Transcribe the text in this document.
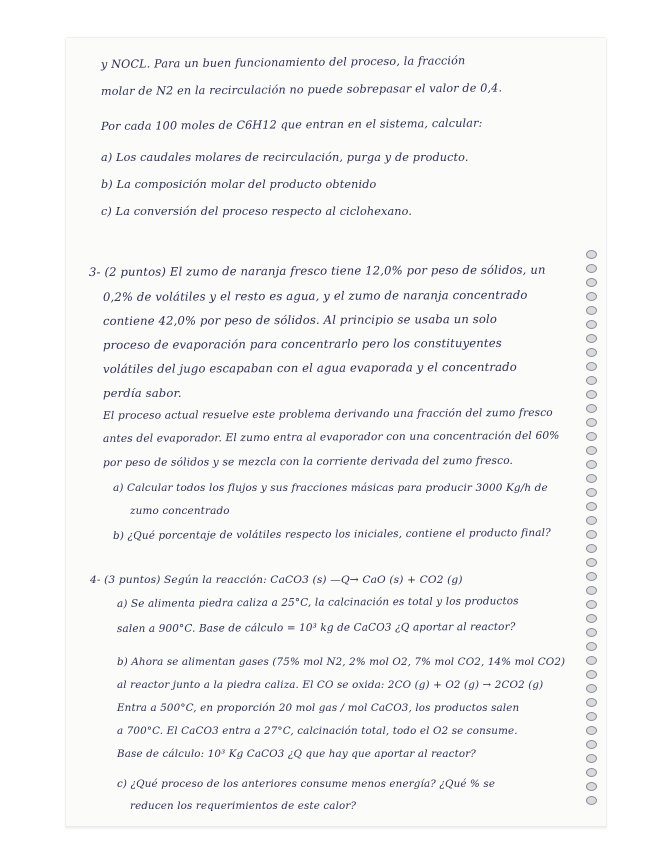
y NOCL. Para un buen funcionamiento del proceso, la fracción
molar de N2 en la recirculación no puede sobrepasar el valor de 0,4.
Por cada 100 moles de C6H12 que entran en el sistema, calcular:
a) Los caudales molares de recirculación, purga y de producto.
b) La composición molar del producto obtenido
c) La conversión del proceso respecto al ciclohexano.
3- (2 puntos) El zumo de naranja fresco tiene 12,0% por peso de sólidos, un
0,2% de volátiles y el resto es agua, y el zumo de naranja concentrado
contiene 42,0% por peso de sólidos. Al principio se usaba un solo
proceso de evaporación para concentrarlo pero los constituyentes
volátiles del jugo escapaban con el agua evaporada y el concentrado
perdía sabor.
El proceso actual resuelve este problema derivando una fracción del zumo fresco
antes del evaporador. El zumo entra al evaporador con una concentración del 60%
por peso de sólidos y se mezcla con la corriente derivada del zumo fresco.
a) Calcular todos los flujos y sus fracciones másicas para producir 3000 Kg/h de
zumo concentrado
b) ¿Qué porcentaje de volátiles respecto los iniciales, contiene el producto final?
4- (3 puntos) Según la reacción: CaCO3 (s) —Q→ CaO (s) + CO2 (g)
a) Se alimenta piedra caliza a 25°C, la calcinación es total y los productos
salen a 900°C. Base de cálculo = 10³ kg de CaCO3 ¿Q aportar al reactor?
b) Ahora se alimentan gases (75% mol N2, 2% mol O2, 7% mol CO2, 14% mol CO2)
al reactor junto a la piedra caliza. El CO se oxida: 2CO (g) + O2 (g) → 2CO2 (g)
Entra a 500°C, en proporción 20 mol gas / mol CaCO3, los productos salen
a 700°C. El CaCO3 entra a 27°C, calcinación total, todo el O2 se consume.
Base de cálculo: 10³ Kg CaCO3 ¿Q que hay que aportar al reactor?
c) ¿Qué proceso de los anteriores consume menos energía? ¿Qué % se
reducen los requerimientos de este calor?
